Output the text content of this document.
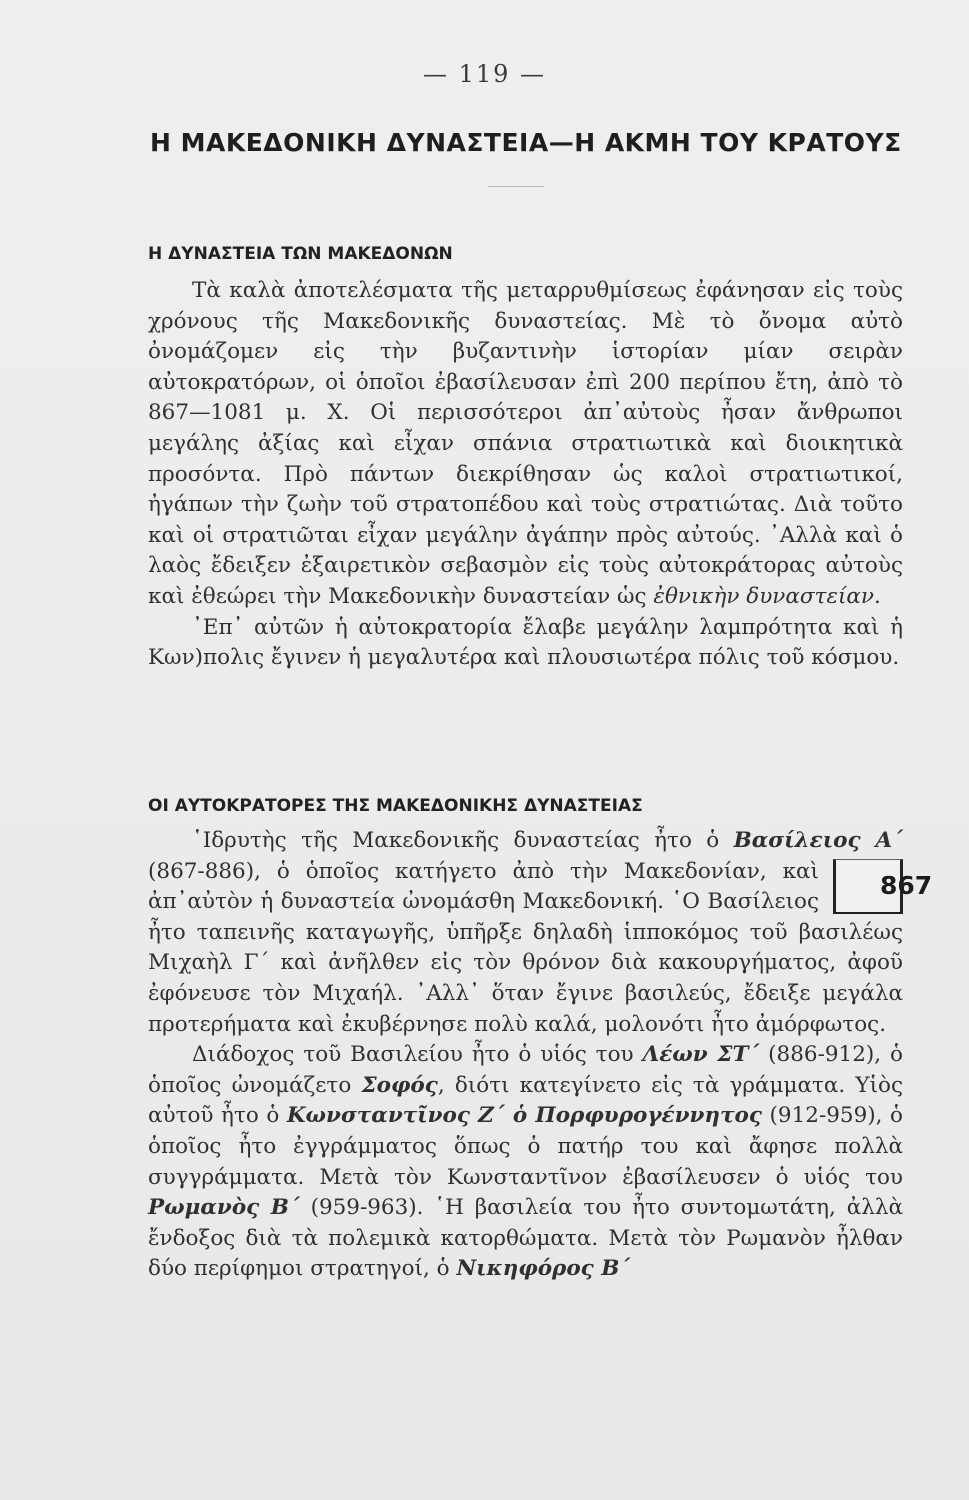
— 119 —
Η ΜΑΚΕΔΟΝΙΚΗ ΔΥΝΑΣΤΕΙΑ—Η ΑΚΜΗ ΤΟΥ ΚΡΑΤΟΥΣ
Η ΔΥΝΑΣΤΕΙΑ ΤΩΝ ΜΑΚΕΔΟΝΩΝ

Τὰ καλὰ ἀποτελέσματα τῆς μεταρρυθμίσεως ἐφάνησαν εἰς τοὺς χρόνους τῆς Μακεδονικῆς δυναστείας. Μὲ τὸ ὄνομα αὐτὸ ὀνομάζομεν εἰς τὴν βυζαντινὴν ἱστορίαν μίαν σειρὰν αὐτοκρατόρων, οἱ ὁποῖοι ἐβασίλευσαν ἐπὶ 200 περίπου ἔτη, ἀπὸ τὸ 867—1081 μ. Χ. Οἱ περισσότεροι ἀπ᾽αὐτοὺς ἦσαν ἄνθρωποι μεγάλης ἀξίας καὶ εἶχαν σπάνια στρατιωτικὰ καὶ διοικητικὰ προσόντα. Πρὸ πάντων διεκρίθησαν ὡς καλοὶ στρατιωτικοί, ἠγάπων τὴν ζωὴν τοῦ στρατοπέδου καὶ τοὺς στρατιώτας. Διὰ τοῦτο καὶ οἱ στρατιῶται εἶχαν μεγάλην ἀγάπην πρὸς αὐτούς. ᾽Αλλὰ καὶ ὁ λαὸς ἔδειξεν ἐξαιρετικὸν σεβασμὸν εἰς τοὺς αὐτοκράτορας αὐτοὺς καὶ ἐθεώρει τὴν Μακεδονικὴν δυναστείαν ὡς ἐθνικὴν δυναστείαν.

᾽Επ᾽ αὐτῶν ἡ αὐτοκρατορία ἔλαβε μεγάλην λαμπρότητα καὶ ἡ Κων)πολις ἔγινεν ἡ μεγαλυτέρα καὶ πλουσιωτέρα πόλις τοῦ κόσμου.

ΟΙ ΑΥΤΟΚΡΑΤΟΡΕΣ ΤΗΣ ΜΑΚΕΔΟΝΙΚΗΣ ΔΥΝΑΣΤΕΙΑΣ

῾Ιδρυτὴς τῆς Μακεδονικῆς δυναστείας ἦτο ὁ Βασίλειος Α΄
867
(867-886), ὁ ὁποῖος κατήγετο ἀπὸ τὴν Μακεδονίαν, καὶ ἀπ᾽αὐτὸν ἡ δυναστεία ὠνομάσθη Μακεδονική. ῾Ο Βασίλειος ἦτο ταπεινῆς καταγωγῆς, ὑπῆρξε δηλαδὴ ἱπποκόμος τοῦ βασιλέως Μιχαὴλ Γ΄ καὶ ἀνῆλθεν εἰς τὸν θρόνον διὰ κακουργήματος, ἀφοῦ ἐφόνευσε τὸν Μιχαήλ. ᾽Αλλ᾽ ὅταν ἔγινε βασιλεύς, ἔδειξε μεγάλα προτερήματα καὶ ἐκυβέρνησε πολὺ καλά, μολονότι ἦτο ἀμόρφωτος.

Διάδοχος τοῦ Βασιλείου ἦτο ὁ υἱός του Λέων ΣΤ΄ (886-912), ὁ ὁποῖος ὠνομάζετο Σοφός, διότι κατεγίνετο εἰς τὰ γράμματα. Υἱὸς αὐτοῦ ἦτο ὁ Κωνσταντῖνος Ζ΄ ὁ Πορφυρογέννητος (912-959), ὁ ὁποῖος ἦτο ἐγγράμματος ὅπως ὁ πατήρ του καὶ ἄφησε πολλὰ συγγράμματα. Μετὰ τὸν Κωνσταντῖνον ἐβασίλευσεν ὁ υἱός του Ρωμανὸς Β΄ (959-963). ῾Η βασιλεία του ἦτο συντομωτάτη, ἀλλὰ ἔνδοξος διὰ τὰ πολεμικὰ κατορθώματα. Μετὰ τὸν Ρωμανὸν ἦλθαν δύο περίφημοι στρατηγοί, ὁ Νικηφόρος Β΄
